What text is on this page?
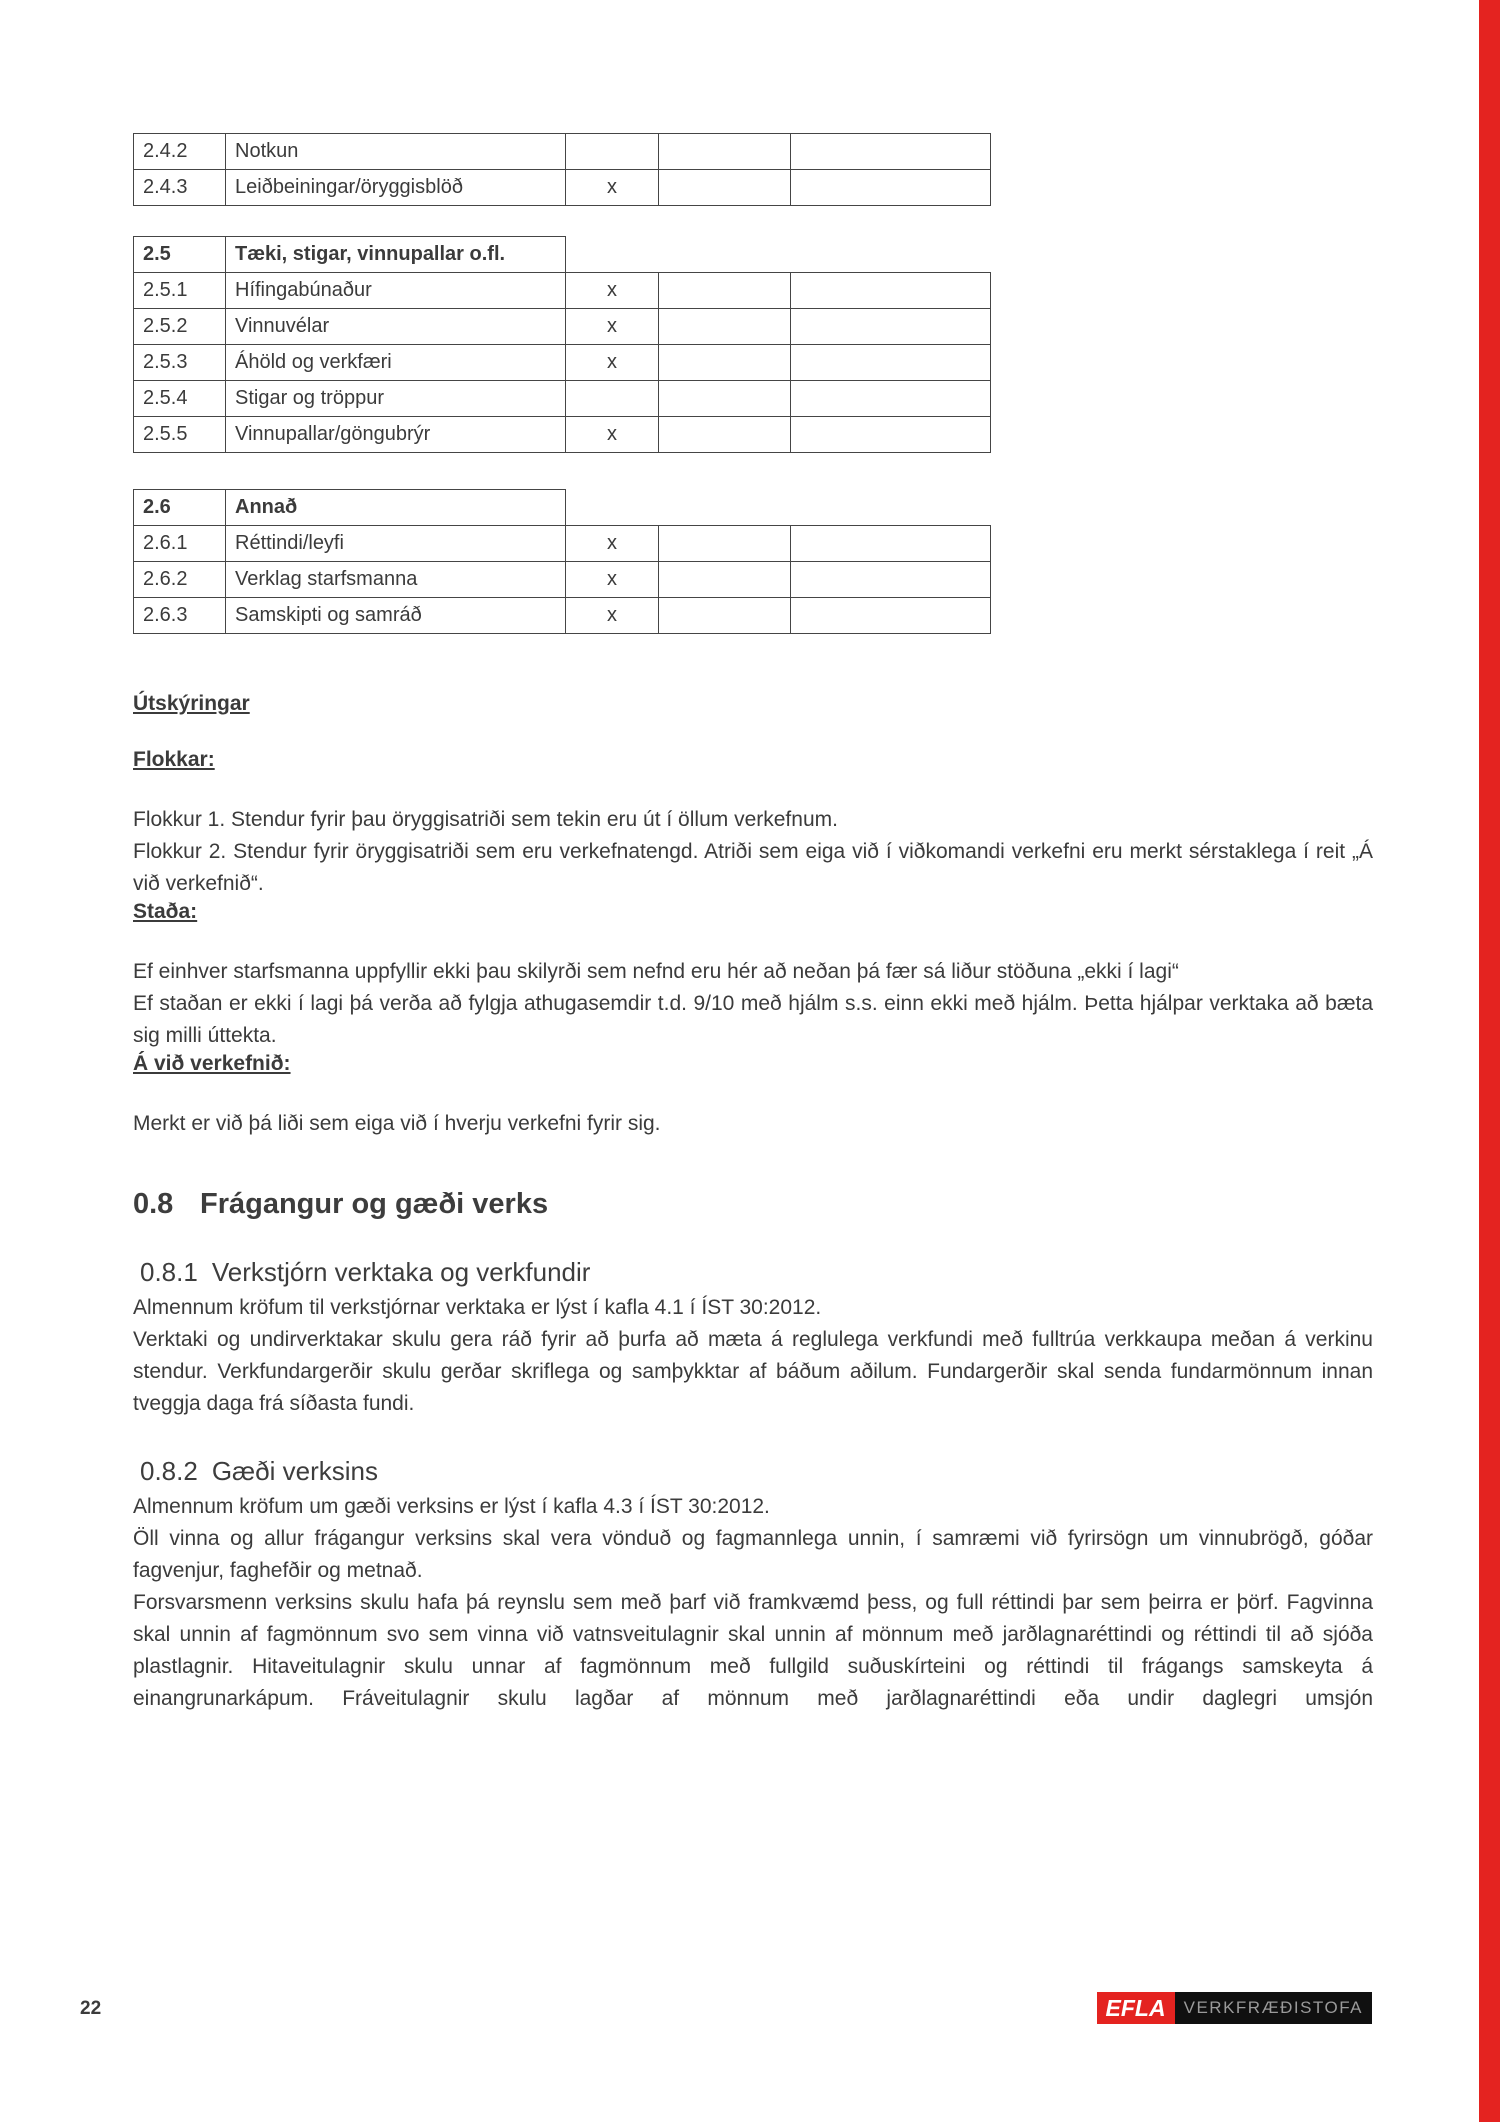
2.4.2	Notkun			
2.4.3	Leiðbeiningar/öryggisblöð	x		
2.5	Tæki, stigar, vinnupallar o.fl.			
2.5.1	Hífingabúnaður	x		
2.5.2	Vinnuvélar	x		
2.5.3	Áhöld og verkfæri	x		
2.5.4	Stigar og tröppur			
2.5.5	Vinnupallar/göngubrýr	x		
2.6	Annað			
2.6.1	Réttindi/leyfi	x		
2.6.2	Verklag starfsmanna	x		
2.6.3	Samskipti og samráð	x		

Útskýringar

Flokkar:

Flokkur 1. Stendur fyrir þau öryggisatriði sem tekin eru út í öllum verkefnum.

Flokkur 2. Stendur fyrir öryggisatriði sem eru verkefnatengd. Atriði sem eiga við í viðkomandi verkefni eru merkt sérstaklega í reit „Á við verkefnið“.

Staða:

Ef einhver starfsmanna uppfyllir ekki þau skilyrði sem nefnd eru hér að neðan þá fær sá liður stöðuna „ekki í lagi“

Ef staðan er ekki í lagi þá verða að fylgja athugasemdir t.d. 9/10 með hjálm s.s. einn ekki með hjálm. Þetta hjálpar verktaka að bæta sig milli úttekta.

Á við verkefnið:

Merkt er við þá liði sem eiga við í hverju verkefni fyrir sig.

0.8 Frágangur og gæði verks
0.8.1 Verkstjórn verktaka og verkfundir

Almennum kröfum til verkstjórnar verktaka er lýst í kafla 4.1 í ÍST 30:2012.

Verktaki og undirverktakar skulu gera ráð fyrir að þurfa að mæta á reglulega verkfundi með fulltrúa verkkaupa meðan á verkinu stendur. Verkfundargerðir skulu gerðar skriflega og samþykktar af báðum aðilum. Fundargerðir skal senda fundarmönnum innan tveggja daga frá síðasta fundi.

0.8.2 Gæði verksins

Almennum kröfum um gæði verksins er lýst í kafla 4.3 í ÍST 30:2012.

Öll vinna og allur frágangur verksins skal vera vönduð og fagmannlega unnin, í samræmi við fyrirsögn um vinnubrögð, góðar fagvenjur, faghefðir og metnað.

Forsvarsmenn verksins skulu hafa þá reynslu sem með þarf við framkvæmd þess, og full réttindi þar sem þeirra er þörf. Fagvinna skal unnin af fagmönnum svo sem vinna við vatnsveitulagnir skal unnin af mönnum með jarðlagnaréttindi og réttindi til að sjóða plastlagnir. Hitaveitulagnir skulu unnar af fagmönnum með fullgild suðuskírteini og réttindi til frágangs samskeyta á einangrunarkápum. Fráveitulagnir skulu lagðar af mönnum með jarðlagnaréttindi eða undir daglegri umsjón

22	EFLA	VERKFRÆÐISTOFA
